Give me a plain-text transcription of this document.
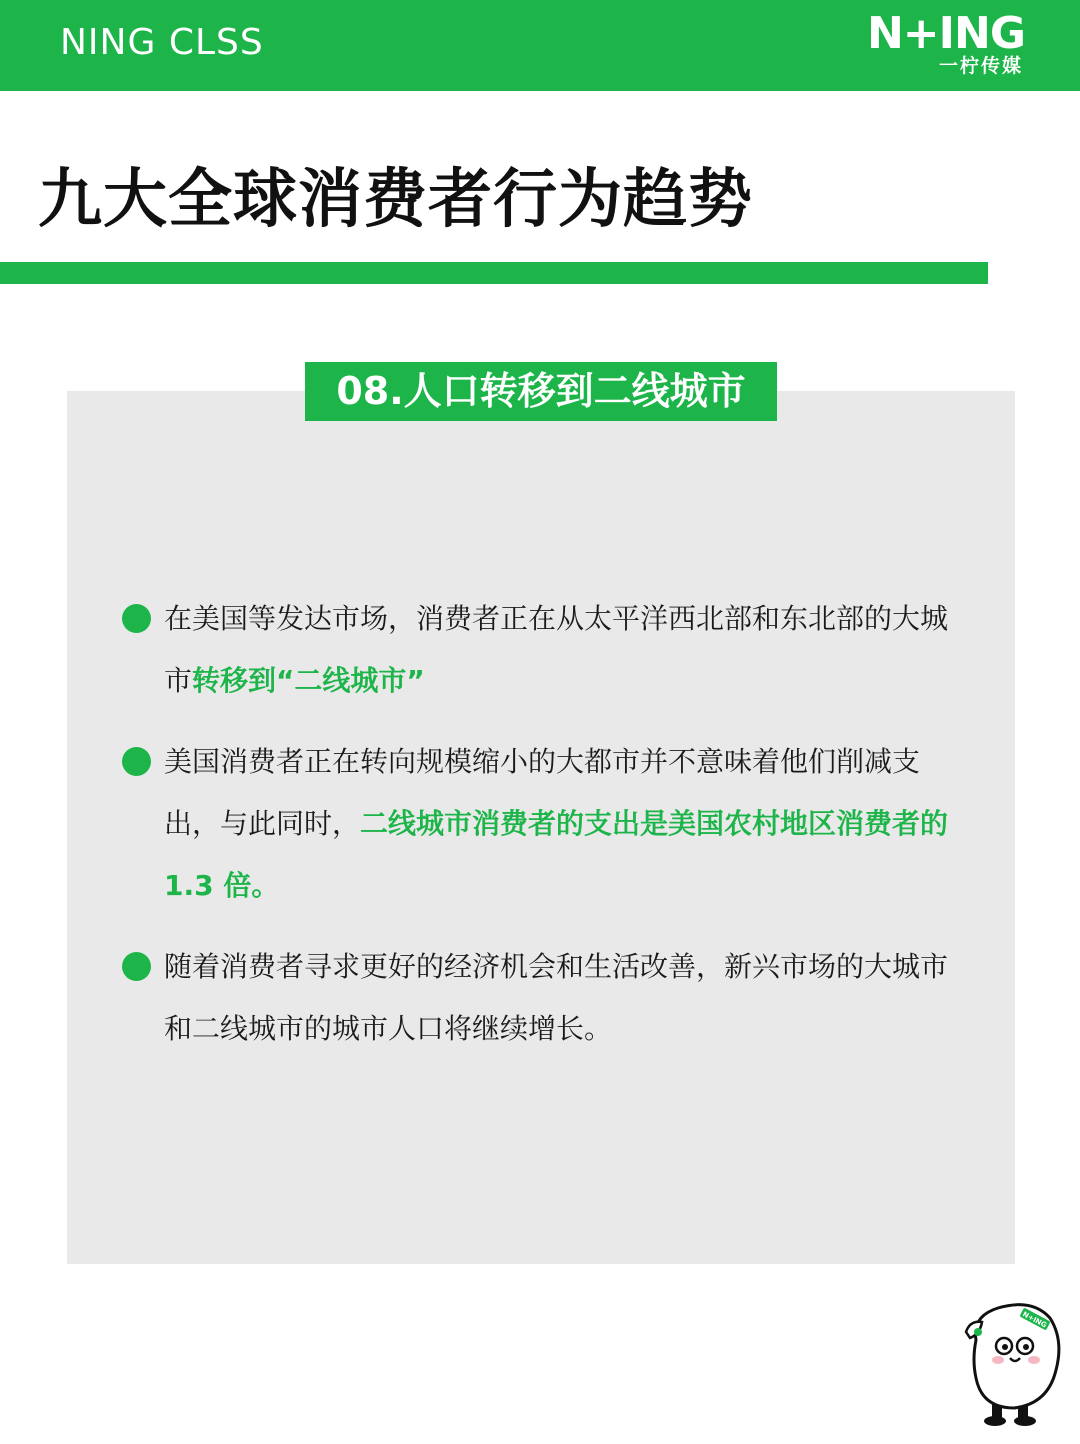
NING CLSS	N+ING
一柠传媒
九大全球消费者行为趋势
08.人口转移到二线城市

在美国等发达市场，消费者正在从太平洋西北部和东北部的大城市转移到“二线城市”

美国消费者正在转向规模缩小的大都市并不意味着他们削减支出，与此同时，二线城市消费者的支出是美国农村地区消费者的 1.3 倍。

随着消费者寻求更好的经济机会和生活改善，新兴市场的大城市和二线城市的城市人口将继续增长。

N+ING
